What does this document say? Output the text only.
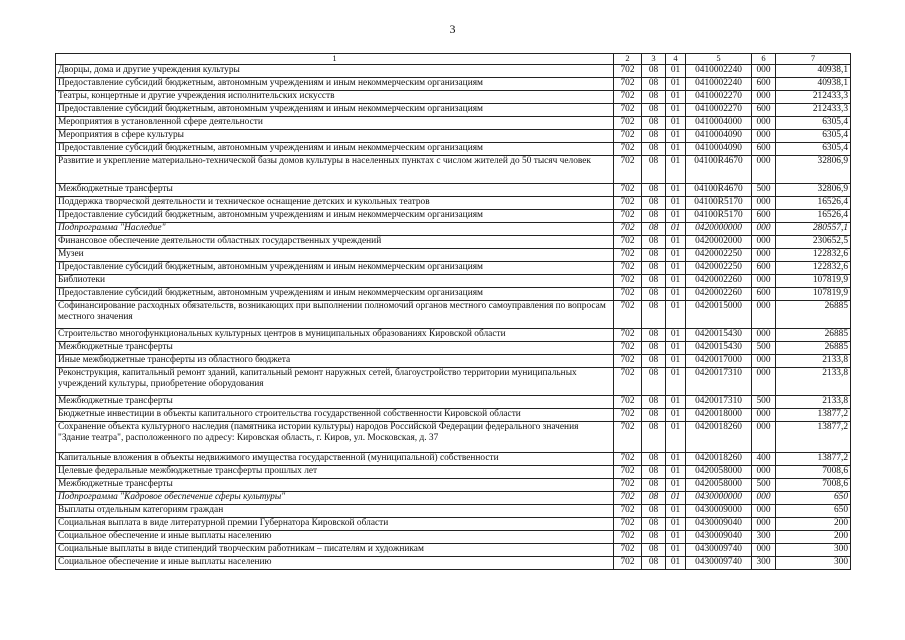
3
1	2	3	4	5	6	7
Дворцы, дома и другие учреждения культуры	702	08	01	0410002240	000	40938,1
Предоставление субсидий бюджетным, автономным учреждениям и иным некоммерческим организациям	702	08	01	0410002240	600	40938,1
Театры, концертные и другие учреждения исполнительских искусств	702	08	01	0410002270	000	212433,3
Предоставление субсидий бюджетным, автономным учреждениям и иным некоммерческим организациям	702	08	01	0410002270	600	212433,3
Мероприятия в установленной сфере деятельности	702	08	01	0410004000	000	6305,4
Мероприятия в сфере культуры	702	08	01	0410004090	000	6305,4
Предоставление субсидий бюджетным, автономным учреждениям и иным некоммерческим организациям	702	08	01	0410004090	600	6305,4
Развитие и укрепление материально-технической базы домов культуры в населенных пунктах с числом жителей до 50 тысяч человек	702	08	01	04100R4670	000	32806,9
Межбюджетные трансферты	702	08	01	04100R4670	500	32806,9
Поддержка творческой деятельности и техническое оснащение детских и кукольных театров	702	08	01	04100R5170	000	16526,4
Предоставление субсидий бюджетным, автономным учреждениям и иным некоммерческим организациям	702	08	01	04100R5170	600	16526,4
Подпрограмма "Наследие"	702	08	01	0420000000	000	280557,1
Финансовое обеспечение деятельности областных государственных учреждений	702	08	01	0420002000	000	230652,5
Музеи	702	08	01	0420002250	000	122832,6
Предоставление субсидий бюджетным, автономным учреждениям и иным некоммерческим организациям	702	08	01	0420002250	600	122832,6
Библиотеки	702	08	01	0420002260	000	107819,9
Предоставление субсидий бюджетным, автономным учреждениям и иным некоммерческим организациям	702	08	01	0420002260	600	107819,9
Софинансирование расходных обязательств, возникающих при выполнении полномочий органов местного самоуправления по вопросам местного значения	702	08	01	0420015000	000	26885
Строительство многофункциональных культурных центров в муниципальных образованиях Кировской области	702	08	01	0420015430	000	26885
Межбюджетные трансферты	702	08	01	0420015430	500	26885
Иные межбюджетные трансферты из областного бюджета	702	08	01	0420017000	000	2133,8
Реконструкция, капитальный ремонт зданий, капитальный ремонт наружных сетей, благоустройство территории муниципальных учреждений культуры, приобретение оборудования	702	08	01	0420017310	000	2133,8
Межбюджетные трансферты	702	08	01	0420017310	500	2133,8
Бюджетные инвестиции в объекты капитального строительства государственной собственности Кировской области	702	08	01	0420018000	000	13877,2
Сохранение объекта культурного наследия (памятника истории культуры) народов Российской Федерации федерального значения "Здание театра", расположенного по адресу: Кировская область, г. Киров, ул. Московская, д. 37	702	08	01	0420018260	000	13877,2
Капитальные вложения в объекты недвижимого имущества государственной (муниципальной) собственности	702	08	01	0420018260	400	13877,2
Целевые федеральные межбюджетные трансферты прошлых лет	702	08	01	0420058000	000	7008,6
Межбюджетные трансферты	702	08	01	0420058000	500	7008,6
Подпрограмма "Кадровое обеспечение сферы культуры"	702	08	01	0430000000	000	650
Выплаты отдельным категориям граждан	702	08	01	0430009000	000	650
Социальная выплата в виде литературной премии Губернатора Кировской области	702	08	01	0430009040	000	200
Социальное обеспечение и иные выплаты населению	702	08	01	0430009040	300	200
Социальные выплаты в виде стипендий творческим работникам – писателям и художникам	702	08	01	0430009740	000	300
Социальное обеспечение и иные выплаты населению	702	08	01	0430009740	300	300
